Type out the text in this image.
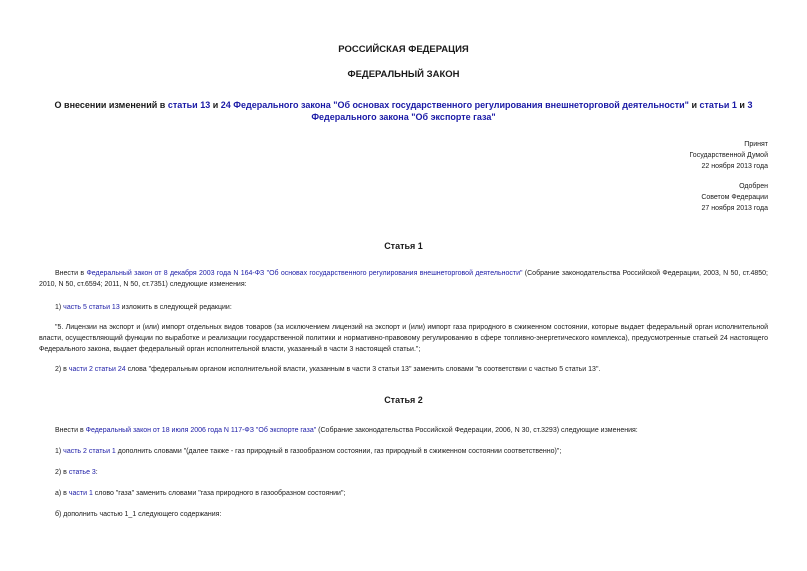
РОССИЙСКАЯ ФЕДЕРАЦИЯ
ФЕДЕРАЛЬНЫЙ ЗАКОН
О внесении изменений в статьи 13 и 24 Федерального закона "Об основах государственного регулирования внешнеторговой деятельности" и статьи 1 и 3
Федерального закона "Об экспорте газа"
Принят
Государственной Думой
22 ноября 2013 года
Одобрен
Советом Федерации
27 ноября 2013 года
Статья 1
Внести в Федеральный закон от 8 декабря 2003 года N 164-ФЗ "Об основах государственного регулирования внешнеторговой деятельности" (Собрание законодательства Российской Федерации, 2003, N 50, ст.4850; 2010, N 50, ст.6594; 2011, N 50, ст.7351) следующие изменения:
1) часть 5 статьи 13 изложить в следующей редакции:
"5. Лицензии на экспорт и (или) импорт отдельных видов товаров (за исключением лицензий на экспорт и (или) импорт газа природного в сжиженном состоянии, которые выдает федеральный орган исполнительной власти, осуществляющий функции по выработке и реализации государственной политики и нормативно-правовому регулированию в сфере топливно-энергетического комплекса), предусмотренные статьей 24 настоящего Федерального закона, выдает федеральный орган исполнительной власти, указанный в части 3 настоящей статьи.";
2) в части 2 статьи 24 слова "федеральным органом исполнительной власти, указанным в части 3 статьи 13" заменить словами "в соответствии с частью 5 статьи 13".
Статья 2
Внести в Федеральный закон от 18 июля 2006 года N 117-ФЗ "Об экспорте газа" (Собрание законодательства Российской Федерации, 2006, N 30, ст.3293) следующие изменения:
1) часть 2 статьи 1 дополнить словами "(далее также - газ природный в газообразном состоянии, газ природный в сжиженном состоянии соответственно)";
2) в статье 3:
а) в части 1 слово "газа" заменить словами "газа природного в газообразном состоянии";
б) дополнить частью 1_1 следующего содержания:
